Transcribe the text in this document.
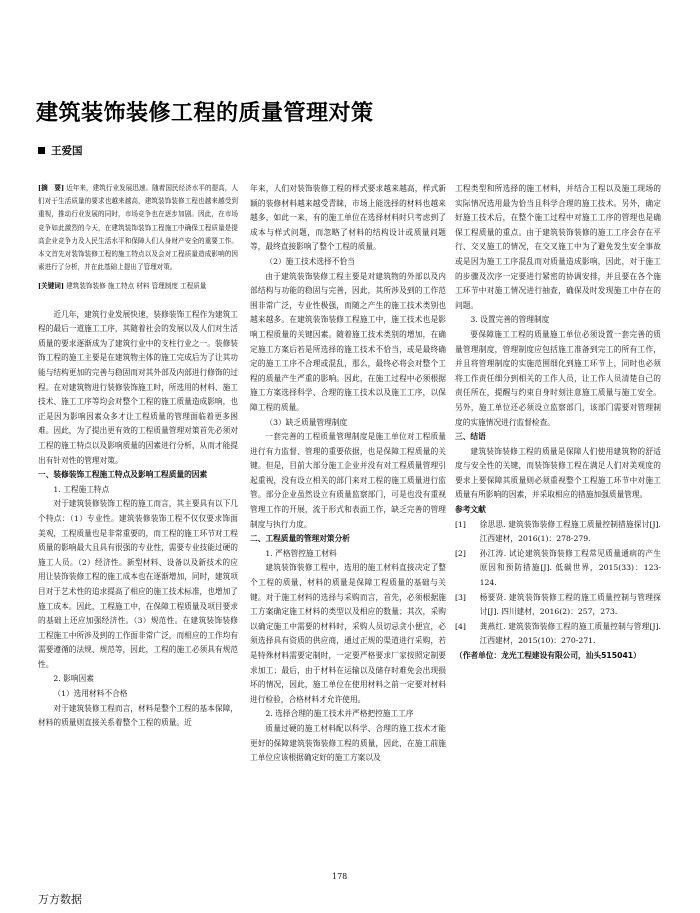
建筑装饰装修工程的质量管理对策
王爱国

[摘　要] 近年来，建筑行业发展迅速。随着国民经济水平的提高，人们对于生活质量的要求也越来越高，建筑装饰装修工程也越来越受到重视，推动行业发展的同时，市场竞争也在逐步加剧。因此，在市场竞争如此激烈的今天，在建筑装饰装饰工程施工中确保工程质量是提高企业竞争力及人民生活水平和保障人们人身财产安全的重要工作。本文首先对装饰装修工程的施工特点以及会对工程质量造成影响的因素进行了分析，并在此基础上提出了管理对策。

[关键词] 建筑装饰装修 施工特点 材料 管理制度 工程质量

近几年，建筑行业发展快速，装修装饰工程作为建筑工程的最后一道施工工序，其随着社会的发展以及人们对生活质量的要求逐渐成为了建筑行业中的支柱行业之一。装修装饰工程的施工主要是在建筑物主体的施工完成后为了让其功能与结构更加的完善与稳固而对其外部及内部进行修饰的过程。在对建筑物进行装修装饰施工时，所选用的材料、施工技术、施工工序等均会对整个工程的施工质量造成影响，也正是因为影响因素众多才让工程质量的管理面临着更多困难。因此，为了提出更有效的工程质量管理对策首先必须对工程的施工特点以及影响质量的因素进行分析，从而才能提出有针对性的管理对策。

一、装修装饰工程施工特点及影响工程质量的因素

1. 工程施工特点

对于建筑装修装饰工程的施工而言，其主要具有以下几个特点：（1）专业性。建筑装修装饰工程不仅仅要求饰面美观，工程质量也是非常重要的，而工程的施工环节对工程质量的影响最大且具有很强的专业性，需要专业技能过硬的施工人员。（2）经济性。新型材料、设备以及新技术的应用让装饰装修工程的施工成本也在逐渐增加，同时，建筑项目对于艺术性的追求提高了相应的施工技术标准，也增加了施工成本。因此，工程施工中，在保障工程质量及项目要求的基础上还应加强经济性。（3）规范性。在建筑装饰装修工程施工中所涉及到的工作面非常广泛，而相应的工作均有需要遵循的法规、规范等，因此，工程的施工必须具有规范性。

2. 影响因素

（1）选用材料不合格

对于建筑装修工程而言，材料是整个工程的基本保障，材料的质量则直接关系着整个工程的质量。近

年来，人们对装饰装修工程的样式要求越来越高，样式新颖的装修材料越来越受青睐，市场上能选择的材料也越来越多，如此一来，有的施工单位在选择材料时只考虑到了成本与样式问题，而忽略了材料的结构设计或质量问题等，最终直接影响了整个工程的质量。

（2）施工技术选择不恰当

由于建筑装饰装修工程主要是对建筑物的外部以及内部结构与功能的稳固与完善，因此，其所涉及到的工作范围非常广泛，专业性极强，而随之产生的施工技术类别也越来越多。在建筑装饰装修工程施工中，施工技术也是影响工程质量的关键因素。随着施工技术类别的增加，在确定施工方案后若是所选择的施工技术不恰当，或是最终确定的施工工序不合理或混乱，那么，最终必将会对整个工程的质量产生严重的影响。因此，在施工过程中必须根据施工方案选择科学、合理的施工技术以及施工工序，以保障工程的质量。

（3）缺乏质量管理制度

一套完善的工程质量管理制度是施工单位对工程质量进行有力监督、管理的重要依据，也是保障工程质量的关键。但是，目前大部分施工企业并没有对工程质量管理引起重视，没有设立相关的部门来对工程的施工质量进行监管。部分企业虽然设立有质量监察部门，可是也没有重视管理工作的开展，流于形式和表面工作，缺乏完善的管理制度与执行力度。

二、工程质量的管理对策分析

1. 严格管控施工材料

建筑装饰装修工程中，选用的施工材料直接决定了整个工程的质量，材料的质量是保障工程质量的基础与关键。对于施工材料的选择与采购而言，首先，必须根据施工方案确定施工材料的类型以及相应的数量；其次，采购以确定施工中需要的材料时，采购人员切忌贪小便宜，必须选择具有资质的供应商，通过正规的渠道进行采购，若是特殊材料需要定制时，一定要严格要求厂家按照定制要求加工；最后，由于材料在运输以及储存时难免会出现损坏的情况，因此，施工单位在使用材料之前一定要对材料进行检验，合格材料才允许使用。

2. 选择合理的施工技术并严格把控施工工序

质量过硬的施工材料配以科学、合理的施工技术才能更好的保障建筑装饰装修工程的质量，因此，在施工前施工单位应该根据确定好的施工方案以及

工程类型和所选择的施工材料，并结合工程以及施工现场的实际情况选用最为恰当且科学合理的施工技术。另外，确定好施工技术后，在整个施工过程中对施工工序的管理也是确保工程质量的重点。由于建筑装饰装修的施工工序会存在平行、交叉施工的情况，在交叉施工中为了避免发生安全事故或是因为施工工序混乱而对质量造成影响，因此，对于施工的步骤及次序一定要进行紧密的协调安排，并且要在各个施工环节中对施工情况进行抽查，确保及时发现施工中存在的问题。

3. 设置完善的管理制度

要保障施工工程的质量施工单位必须设置一套完善的质量管理制度，管理制度应包括施工准备到完工的所有工作，并且将管理制度的实施范围细化到施工环节上，同时也必须将工作责任细分到相关的工作人员，让工作人员清楚自己的责任所在，提醒与约束自身时刻注意施工质量与施工安全。另外，施工单位还必须设立监察部门，该部门需要对管理制度的实施情况进行监督检查。

三、结语

建筑装饰装修工程的质量是保障人们使用建筑物的舒适度与安全性的关键，而装饰装修工程在满足人们对美观度的要求上要保障其质量则必须重视整个工程施工环节中对施工质量有所影响的因素，并采取相应的措施加强质量管理。

参考文献

[1] 徐思思. 建筑装饰装修工程施工质量控制措施探讨[J]. 江西建材，2016(1)：278-279.

[2] 孙江涛. 试论建筑装饰装修工程常见质量通病的产生原因和预防措施[J]. 低碳世界，2015(33)：123-124.

[3] 杨要贤. 建筑装饰装修工程的施工质量控制与管理探讨[J]. 四川建材，2016(2)：257，273.

[4] 龚燕红. 建筑装饰装修工程的施工质量控制与管理[J]. 江西建材，2015(10)：270-271.

（作者单位：龙光工程建设有限公司，汕头515041）

178
万方数据
